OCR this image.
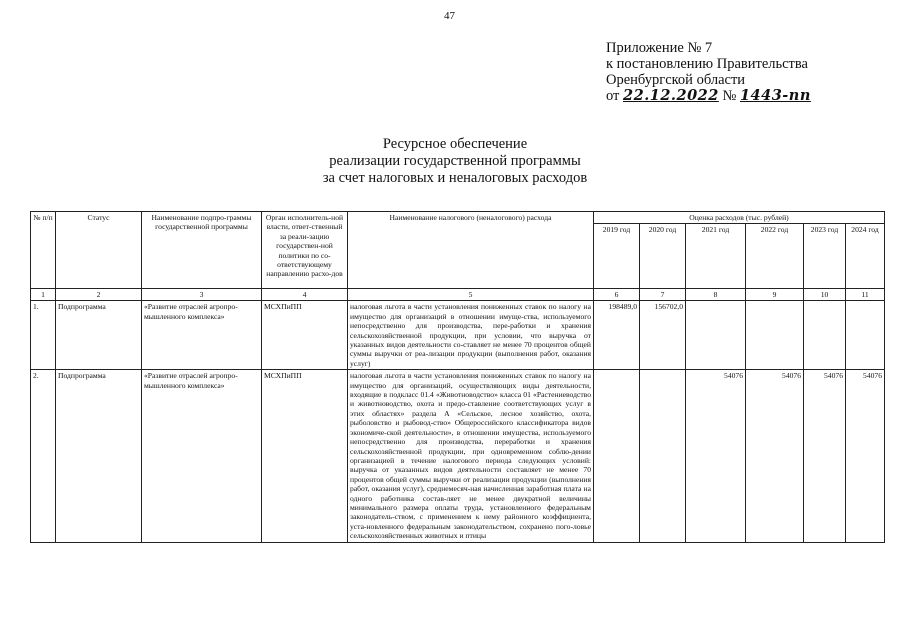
47
Приложение № 7
к постановлению Правительства
Оренбургской области
от 22.12.2022 № 1443-пп
Ресурсное обеспечение
реализации государственной программы
за счет налоговых и неналоговых расходов
№ п/п	Статус	Наименование подпро-граммы государственной программы	Орган исполнитель-ной власти, ответ-ственный за реали-зацию государствен-ной политики по со-ответствующему направлению расхо-дов	Наименование налогового (неналогового) расхода	Оценка расходов (тыс. рублей)					
					2019 год	2020 год	2021 год	2022 год	2023 год	2024 год
1	2	3	4	5	6	7	8	9	10	11
1.	Подпрограмма	«Развитие отраслей агропро-мышленного комплекса»	МСХПиПП	налоговая льгота в части установления пониженных ставок по налогу на имущество для организаций в отношении имуще-ства, используемого непосредственно для производства, пере-работки и хранения сельскохозяйственной продукции, при условии, что выручка от указанных видов деятельности со-ставляет не менее 70 процентов общей суммы выручки от реа-лизации продукции (выполнения работ, оказания услуг)	198489,0	156702,0				
2.	Подпрограмма	«Развитие отраслей агропро-мышленного комплекса»	МСХПиПП	налоговая льгота в части установления пониженных ставок по налогу на имущество для организаций, осуществляющих виды деятельности, входящие в подкласс 01.4 «Животноводство» класса 01 «Растениеводство и животноводство, охота и предо-ставление соответствующих услуг в этих областях» раздела А «Сельское, лесное хозяйство, охота, рыболовство и рыбовод-ство» Общероссийского классификатора видов экономиче-ской деятельности», в отношении имущества, используемого непосредственно для производства, переработки и хранения сельскохозяйственной продукции, при одновременном соблю-дении организацией в течение налогового периода следующих условий: выручка от указанных видов деятельности составляет не менее 70 процентов общей суммы выручки от реализации продукции (выполнения работ, оказания услуг), среднемесяч-ная начисленная заработная плата на одного работника состав-ляет не менее двукратной величины минимального размера оплаты труда, установленного федеральным законодатель-ством, с применением к нему районного коэффициента, уста-новленного федеральным законодательством, сохранено пого-ловье сельскохозяйственных животных и птицы			54076	54076	54076	54076
